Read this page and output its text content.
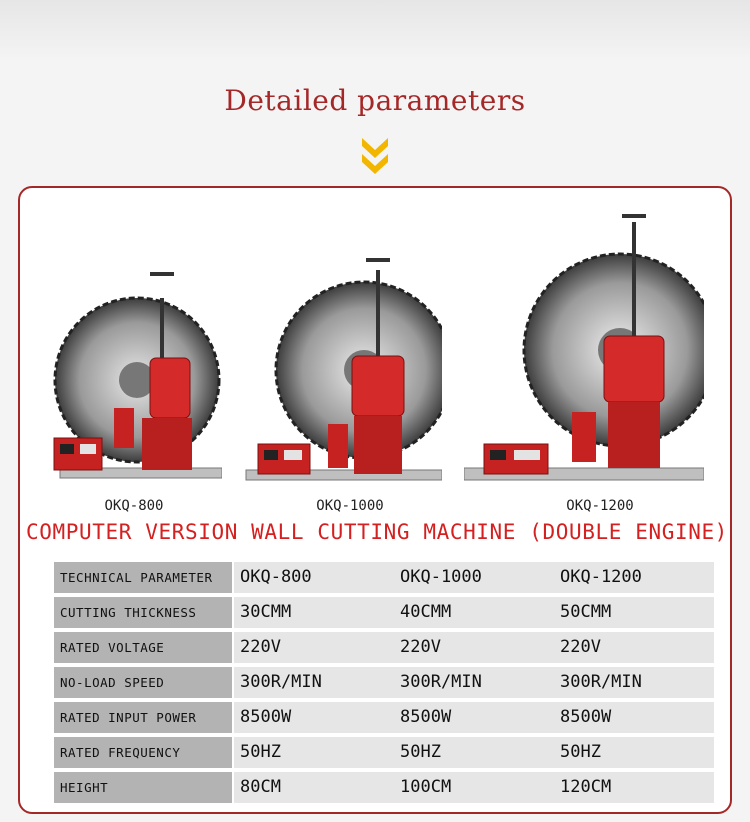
Detailed parameters
OKQ-800	OKQ-1000	OKQ-1200
COMPUTER VERSION WALL CUTTING MACHINE (DOUBLE ENGINE)
TECHNICAL PARAMETER	OKQ-800	OKQ-1000	OKQ-1200
CUTTING THICKNESS	30CMM	40CMM	50CMM
RATED VOLTAGE	220V	220V	220V
NO-LOAD SPEED	300R/MIN	300R/MIN	300R/MIN
RATED INPUT POWER	8500W	8500W	8500W
RATED FREQUENCY	50HZ	50HZ	50HZ
HEIGHT	80CM	100CM	120CM
